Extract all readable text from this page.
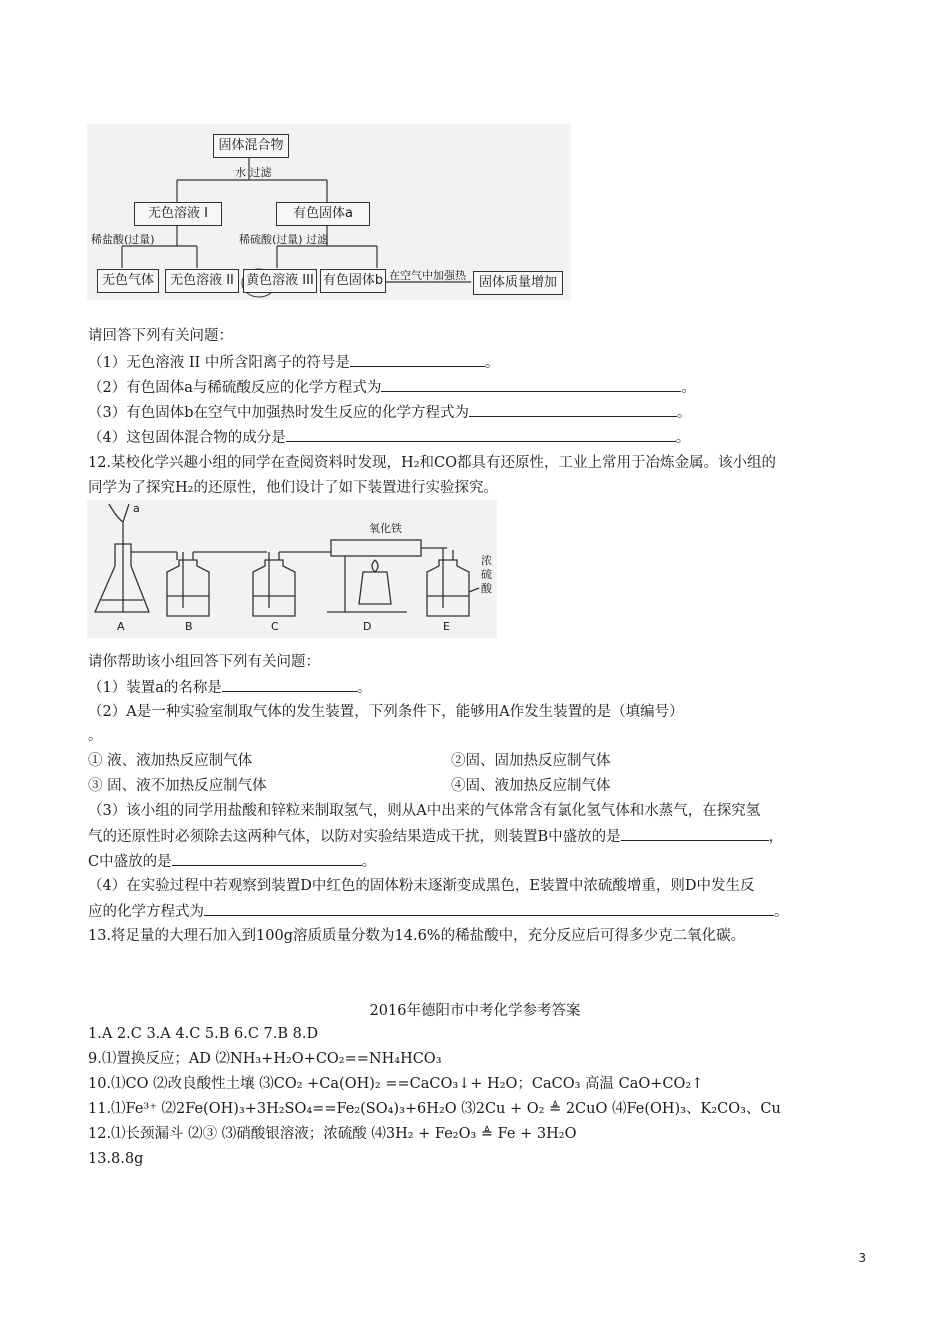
固体混合物
水 过滤
无色溶液 I	有色固体a
稀盐酸(过量)	稀硫酸(过量) 过滤
无色气体	无色溶液 II 黄色溶液 III 有色固体b 在空气中加强热 固体质量增加
请回答下列有关问题：
（1）无色溶液 II 中所含阳离子的符号是	。
（2）有色固体a与稀硫酸反应的化学方程式为	。
（3）有色固体b在空气中加强热时发生反应的化学方程式为	。
（4）这包固体混合物的成分是	。
12.某校化学兴趣小组的同学在查阅资料时发现，H₂和CO都具有还原性，工业上常用于冶炼金属。该小组的
同学为了探究H₂的还原性，他们设计了如下装置进行实验探究。
a
氧化铁
浓硫酸
A	B	C	D	E
请你帮助该小组回答下列有关问题：
（1）装置a的名称是	。
（2）A是一种实验室制取气体的发生装置，下列条件下，能够用A作发生装置的是（填编号）
。
① 液、液加热反应制气体	②固、固加热反应制气体
③ 固、液不加热反应制气体	④固、液加热反应制气体
（3）该小组的同学用盐酸和锌粒来制取氢气，则从A中出来的气体常含有氯化氢气体和水蒸气，在探究氢
气的还原性时必须除去这两种气体，以防对实验结果造成干扰，则装置B中盛放的是	，
C中盛放的是	。
（4）在实验过程中若观察到装置D中红色的固体粉末逐渐变成黑色，E装置中浓硫酸增重，则D中发生反
应的化学方程式为	。
13.将足量的大理石加入到100g溶质质量分数为14.6%的稀盐酸中，充分反应后可得多少克二氧化碳。
2016年德阳市中考化学参考答案
1.A 2.C 3.A 4.C 5.B 6.C 7.B 8.D
9.⑴置换反应；AD ⑵NH₃+H₂O+CO₂==NH₄HCO₃
10.⑴CO ⑵改良酸性土壤 ⑶CO₂ +Ca(OH)₂ ==CaCO₃↓+ H₂O；CaCO₃ 高温 CaO+CO₂↑
11.⑴Fe³⁺ ⑵2Fe(OH)₃+3H₂SO₄==Fe₂(SO₄)₃+6H₂O ⑶2Cu + O₂ ≜ 2CuO ⑷Fe(OH)₃、K₂CO₃、Cu
12.⑴长颈漏斗 ⑵③ ⑶硝酸银溶液；浓硫酸 ⑷3H₂ + Fe₂O₃ ≜ Fe + 3H₂O
13.8.8g
3
